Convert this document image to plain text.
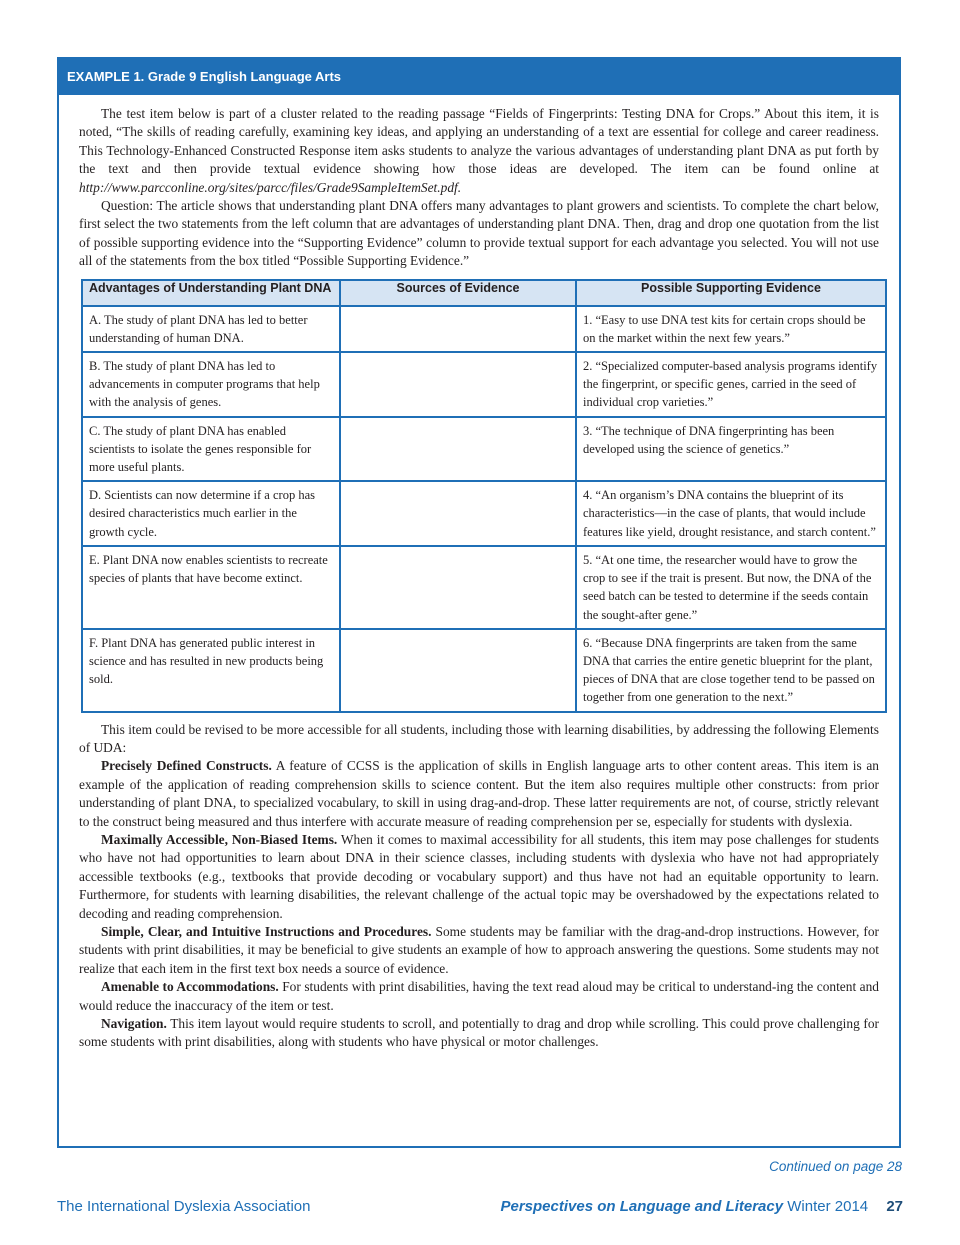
EXAMPLE 1. Grade 9 English Language Arts

The test item below is part of a cluster related to the reading passage “Fields of Fingerprints: Testing DNA for Crops.” About this item, it is noted, “The skills of reading carefully, examining key ideas, and applying an understanding of a text are essential for college and career readiness. This Technology-Enhanced Constructed Response item asks students to analyze the various advantages of understanding plant DNA as put forth by the text and then provide textual evidence showing how those ideas are developed. The item can be found online at http://www.parcconline.org/sites/parcc/files/Grade9SampleItemSet.pdf.

Question: The article shows that understanding plant DNA offers many advantages to plant growers and scientists. To complete the chart below, first select the two statements from the left column that are advantages of understanding plant DNA. Then, drag and drop one quotation from the list of possible supporting evidence into the “Supporting Evidence” column to provide textual support for each advantage you selected. You will not use all of the statements from the box titled “Possible Supporting Evidence.”

Advantages of Understanding Plant DNA	Sources of Evidence	Possible Supporting Evidence
A. The study of plant DNA has led to better understanding of human DNA.		1. “Easy to use DNA test kits for certain crops should be on the market within the next few years.”
B. The study of plant DNA has led to advancements in computer programs that help with the analysis of genes.		2. “Specialized computer-based analysis programs identify the fingerprint, or specific genes, carried in the seed of individual crop varieties.”
C. The study of plant DNA has enabled scientists to isolate the genes responsible for more useful plants.		3. “The technique of DNA fingerprinting has been developed using the science of genetics.”
D. Scientists can now determine if a crop has desired characteristics much earlier in the growth cycle.		4. “An organism’s DNA contains the blueprint of its characteristics—in the case of plants, that would include features like yield, drought resistance, and starch content.”
E. Plant DNA now enables scientists to recreate species of plants that have become extinct.		5. “At one time, the researcher would have to grow the crop to see if the trait is present. But now, the DNA of the seed batch can be tested to determine if the seeds contain the sought-after gene.”
F. Plant DNA has generated public interest in science and has resulted in new products being sold.		6. “Because DNA fingerprints are taken from the same DNA that carries the entire genetic blueprint for the plant, pieces of DNA that are close together tend to be passed on together from one generation to the next.”

This item could be revised to be more accessible for all students, including those with learning disabilities, by addressing the following Elements of UDA:

Precisely Defined Constructs. A feature of CCSS is the application of skills in English language arts to other content areas. This item is an example of the application of reading comprehension skills to science content. But the item also requires multiple other constructs: from prior understanding of plant DNA, to specialized vocabulary, to skill in using drag-and-drop. These latter requirements are not, of course, strictly relevant to the construct being measured and thus interfere with accurate measure of reading comprehension per se, especially for students with dyslexia.

Maximally Accessible, Non-Biased Items. When it comes to maximal accessibility for all students, this item may pose challenges for students who have not had opportunities to learn about DNA in their science classes, including students with dyslexia who have not had appropriately accessible textbooks (e.g., textbooks that provide decoding or vocabulary support) and thus have not had an equitable opportunity to learn. Furthermore, for students with learning disabilities, the relevant challenge of the actual topic may be overshadowed by the expectations related to decoding and reading comprehension.

Simple, Clear, and Intuitive Instructions and Procedures. Some students may be familiar with the drag-and-drop instructions. However, for students with print disabilities, it may be beneficial to give students an example of how to approach answering the questions. Some students may not realize that each item in the first text box needs a source of evidence.

Amenable to Accommodations. For students with print disabilities, having the text read aloud may be critical to understand-ing the content and would reduce the inaccuracy of the item or test.

Navigation. This item layout would require students to scroll, and potentially to drag and drop while scrolling. This could prove challenging for some students with print disabilities, along with students who have physical or motor challenges.

Continued on page 28
The International Dyslexia Association	Perspectives on Language and Literacy Winter 2014 27
